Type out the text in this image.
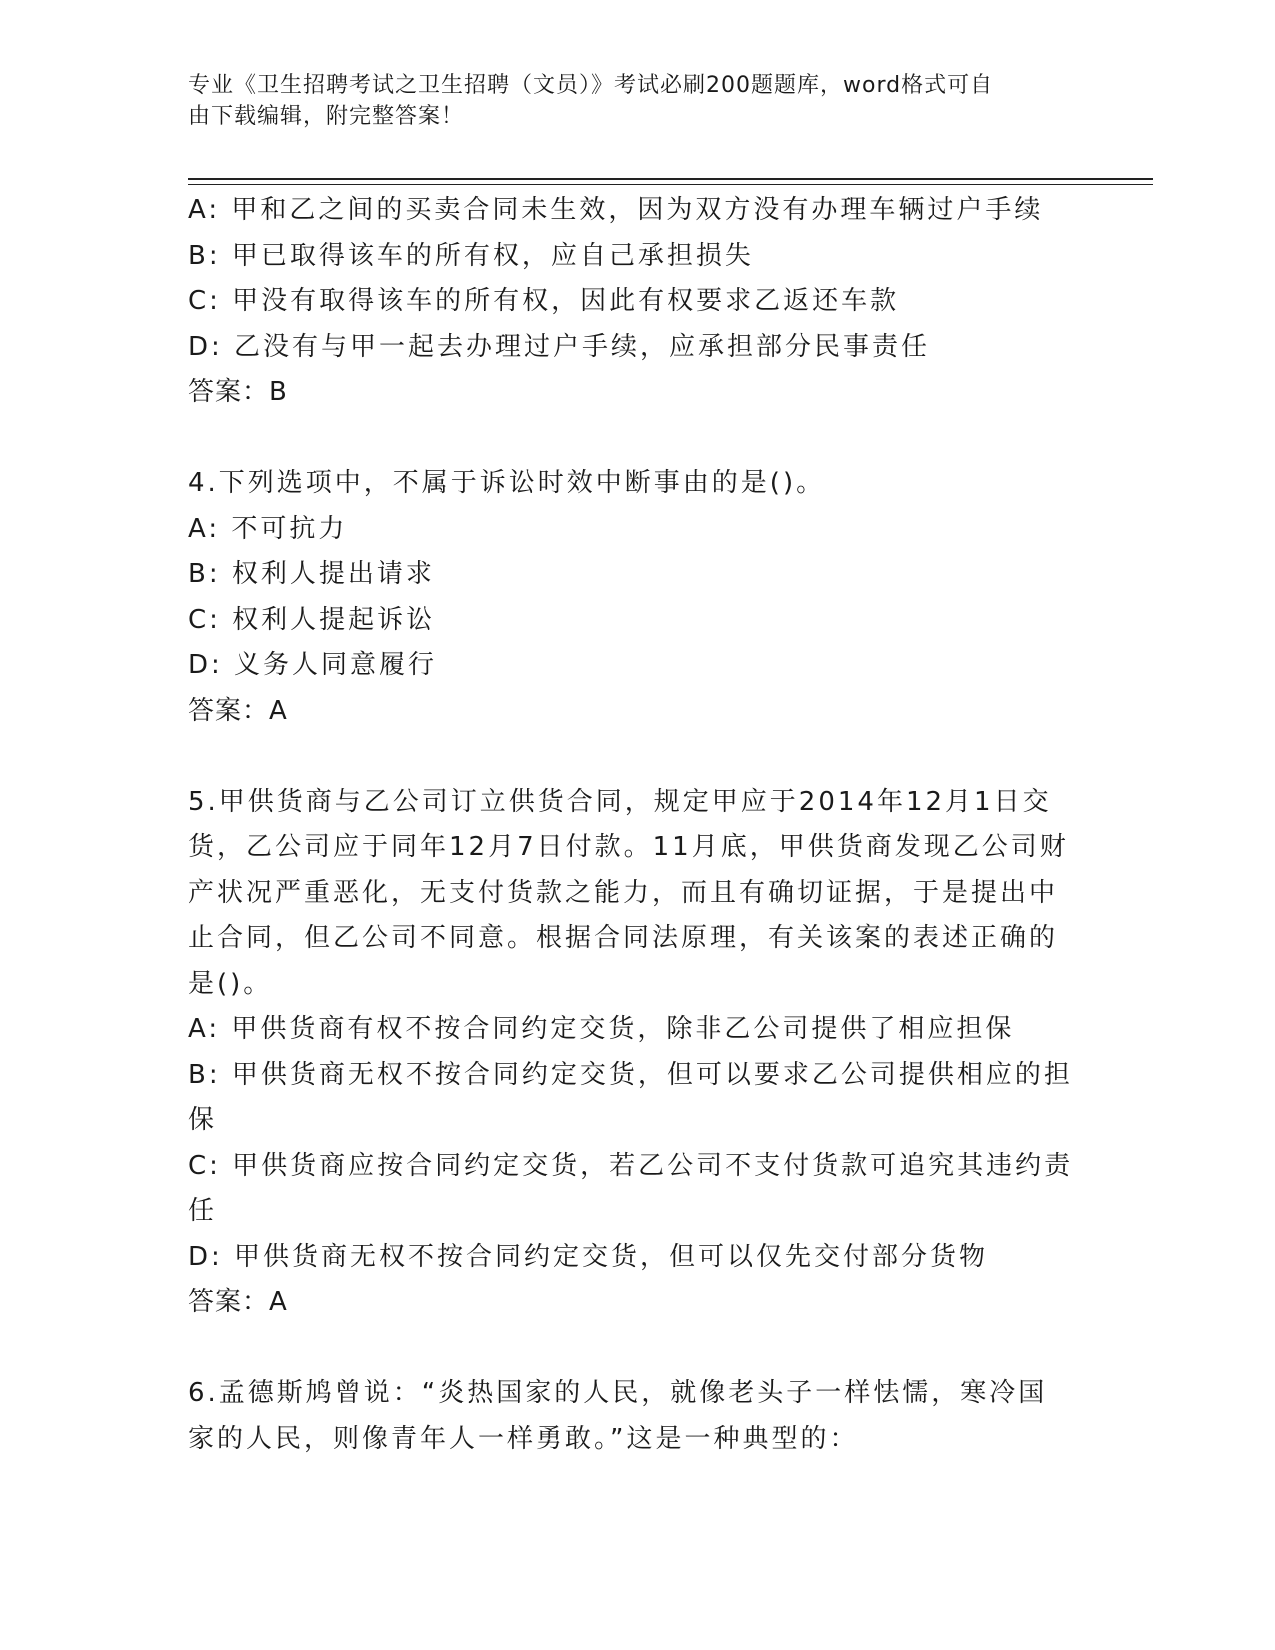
专业《卫生招聘考试之卫生招聘（文员）》考试必刷200题题库，word格式可自
由下载编辑，附完整答案！
A: 甲和乙之间的买卖合同未生效，因为双方没有办理车辆过户手续
B: 甲已取得该车的所有权，应自己承担损失
C: 甲没有取得该车的所有权，因此有权要求乙返还车款
D: 乙没有与甲一起去办理过户手续，应承担部分民事责任
答案：B
4.下列选项中，不属于诉讼时效中断事由的是()。
A: 不可抗力
B: 权利人提出请求
C: 权利人提起诉讼
D: 义务人同意履行
答案：A
5.甲供货商与乙公司订立供货合同，规定甲应于2014年12月1日交
货，乙公司应于同年12月7日付款。11月底，甲供货商发现乙公司财
产状况严重恶化，无支付货款之能力，而且有确切证据，于是提出中
止合同，但乙公司不同意。根据合同法原理，有关该案的表述正确的
是()。
A: 甲供货商有权不按合同约定交货，除非乙公司提供了相应担保
B: 甲供货商无权不按合同约定交货，但可以要求乙公司提供相应的担
保
C: 甲供货商应按合同约定交货，若乙公司不支付货款可追究其违约责
任
D: 甲供货商无权不按合同约定交货，但可以仅先交付部分货物
答案：A
6.孟德斯鸠曾说：“炎热国家的人民，就像老头子一样怯懦，寒冷国
家的人民，则像青年人一样勇敢。”这是一种典型的：
